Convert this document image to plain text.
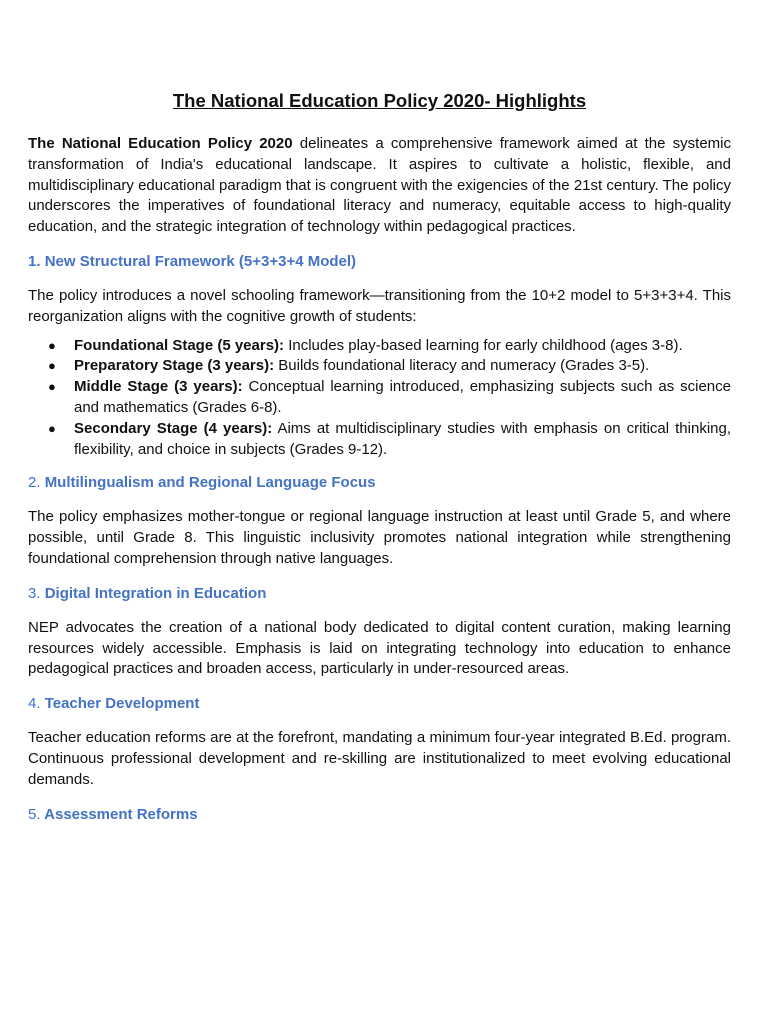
The National Education Policy 2020- Highlights

The National Education Policy 2020 delineates a comprehensive framework aimed at the systemic transformation of India's educational landscape. It aspires to cultivate a holistic, flexible, and multidisciplinary educational paradigm that is congruent with the exigencies of the 21st century. The policy underscores the imperatives of foundational literacy and numeracy, equitable access to high-quality education, and the strategic integration of technology within pedagogical practices.

1. New Structural Framework (5+3+3+4 Model)

The policy introduces a novel schooling framework—transitioning from the 10+2 model to 5+3+3+4. This reorganization aligns with the cognitive growth of students:

● Foundational Stage (5 years): Includes play-based learning for early childhood (ages 3-8).
● Preparatory Stage (3 years): Builds foundational literacy and numeracy (Grades 3-5).
● Middle Stage (3 years): Conceptual learning introduced, emphasizing subjects such as science and mathematics (Grades 6-8).
● Secondary Stage (4 years): Aims at multidisciplinary studies with emphasis on critical thinking, flexibility, and choice in subjects (Grades 9-12).
2. Multilingualism and Regional Language Focus

The policy emphasizes mother-tongue or regional language instruction at least until Grade 5, and where possible, until Grade 8. This linguistic inclusivity promotes national integration while strengthening foundational comprehension through native languages.

3. Digital Integration in Education

NEP advocates the creation of a national body dedicated to digital content curation, making learning resources widely accessible. Emphasis is laid on integrating technology into education to enhance pedagogical practices and broaden access, particularly in under-resourced areas.

4. Teacher Development

Teacher education reforms are at the forefront, mandating a minimum four-year integrated B.Ed. program. Continuous professional development and re-skilling are institutionalized to meet evolving educational demands.

5. Assessment Reforms
